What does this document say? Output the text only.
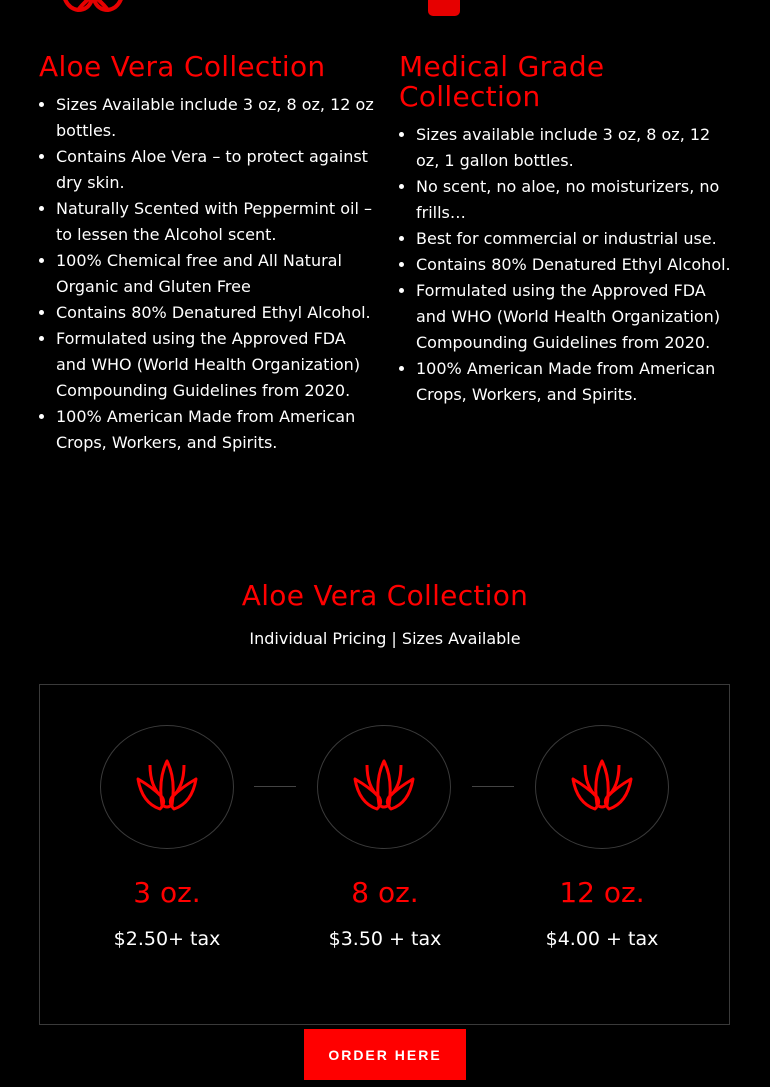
Aloe Vera Collection
• Sizes Available include 3 oz, 8 oz, 12 oz bottles.
• Contains Aloe Vera – to protect against dry skin.
• Naturally Scented with Peppermint oil – to lessen the Alcohol scent.
• 100% Chemical free and All Natural Organic and Gluten Free
• Contains 80% Denatured Ethyl Alcohol.
• Formulated using the Approved FDA and WHO (World Health Organization) Compounding Guidelines from 2020.
• 100% American Made from American Crops, Workers, and Spirits.
Medical Grade Collection
• Sizes available include 3 oz, 8 oz, 12 oz, 1 gallon bottles.
• No scent, no aloe, no moisturizers, no frills…
• Best for commercial or industrial use.
• Contains 80% Denatured Ethyl Alcohol.
• Formulated using the Approved FDA and WHO (World Health Organization) Compounding Guidelines from 2020.
• 100% American Made from American Crops, Workers, and Spirits.
Aloe Vera Collection
Individual Pricing | Sizes Available
3 oz.	8 oz.	12 oz.
$2.50+ tax	$3.50 + tax	$4.00 + tax
ORDER HERE
